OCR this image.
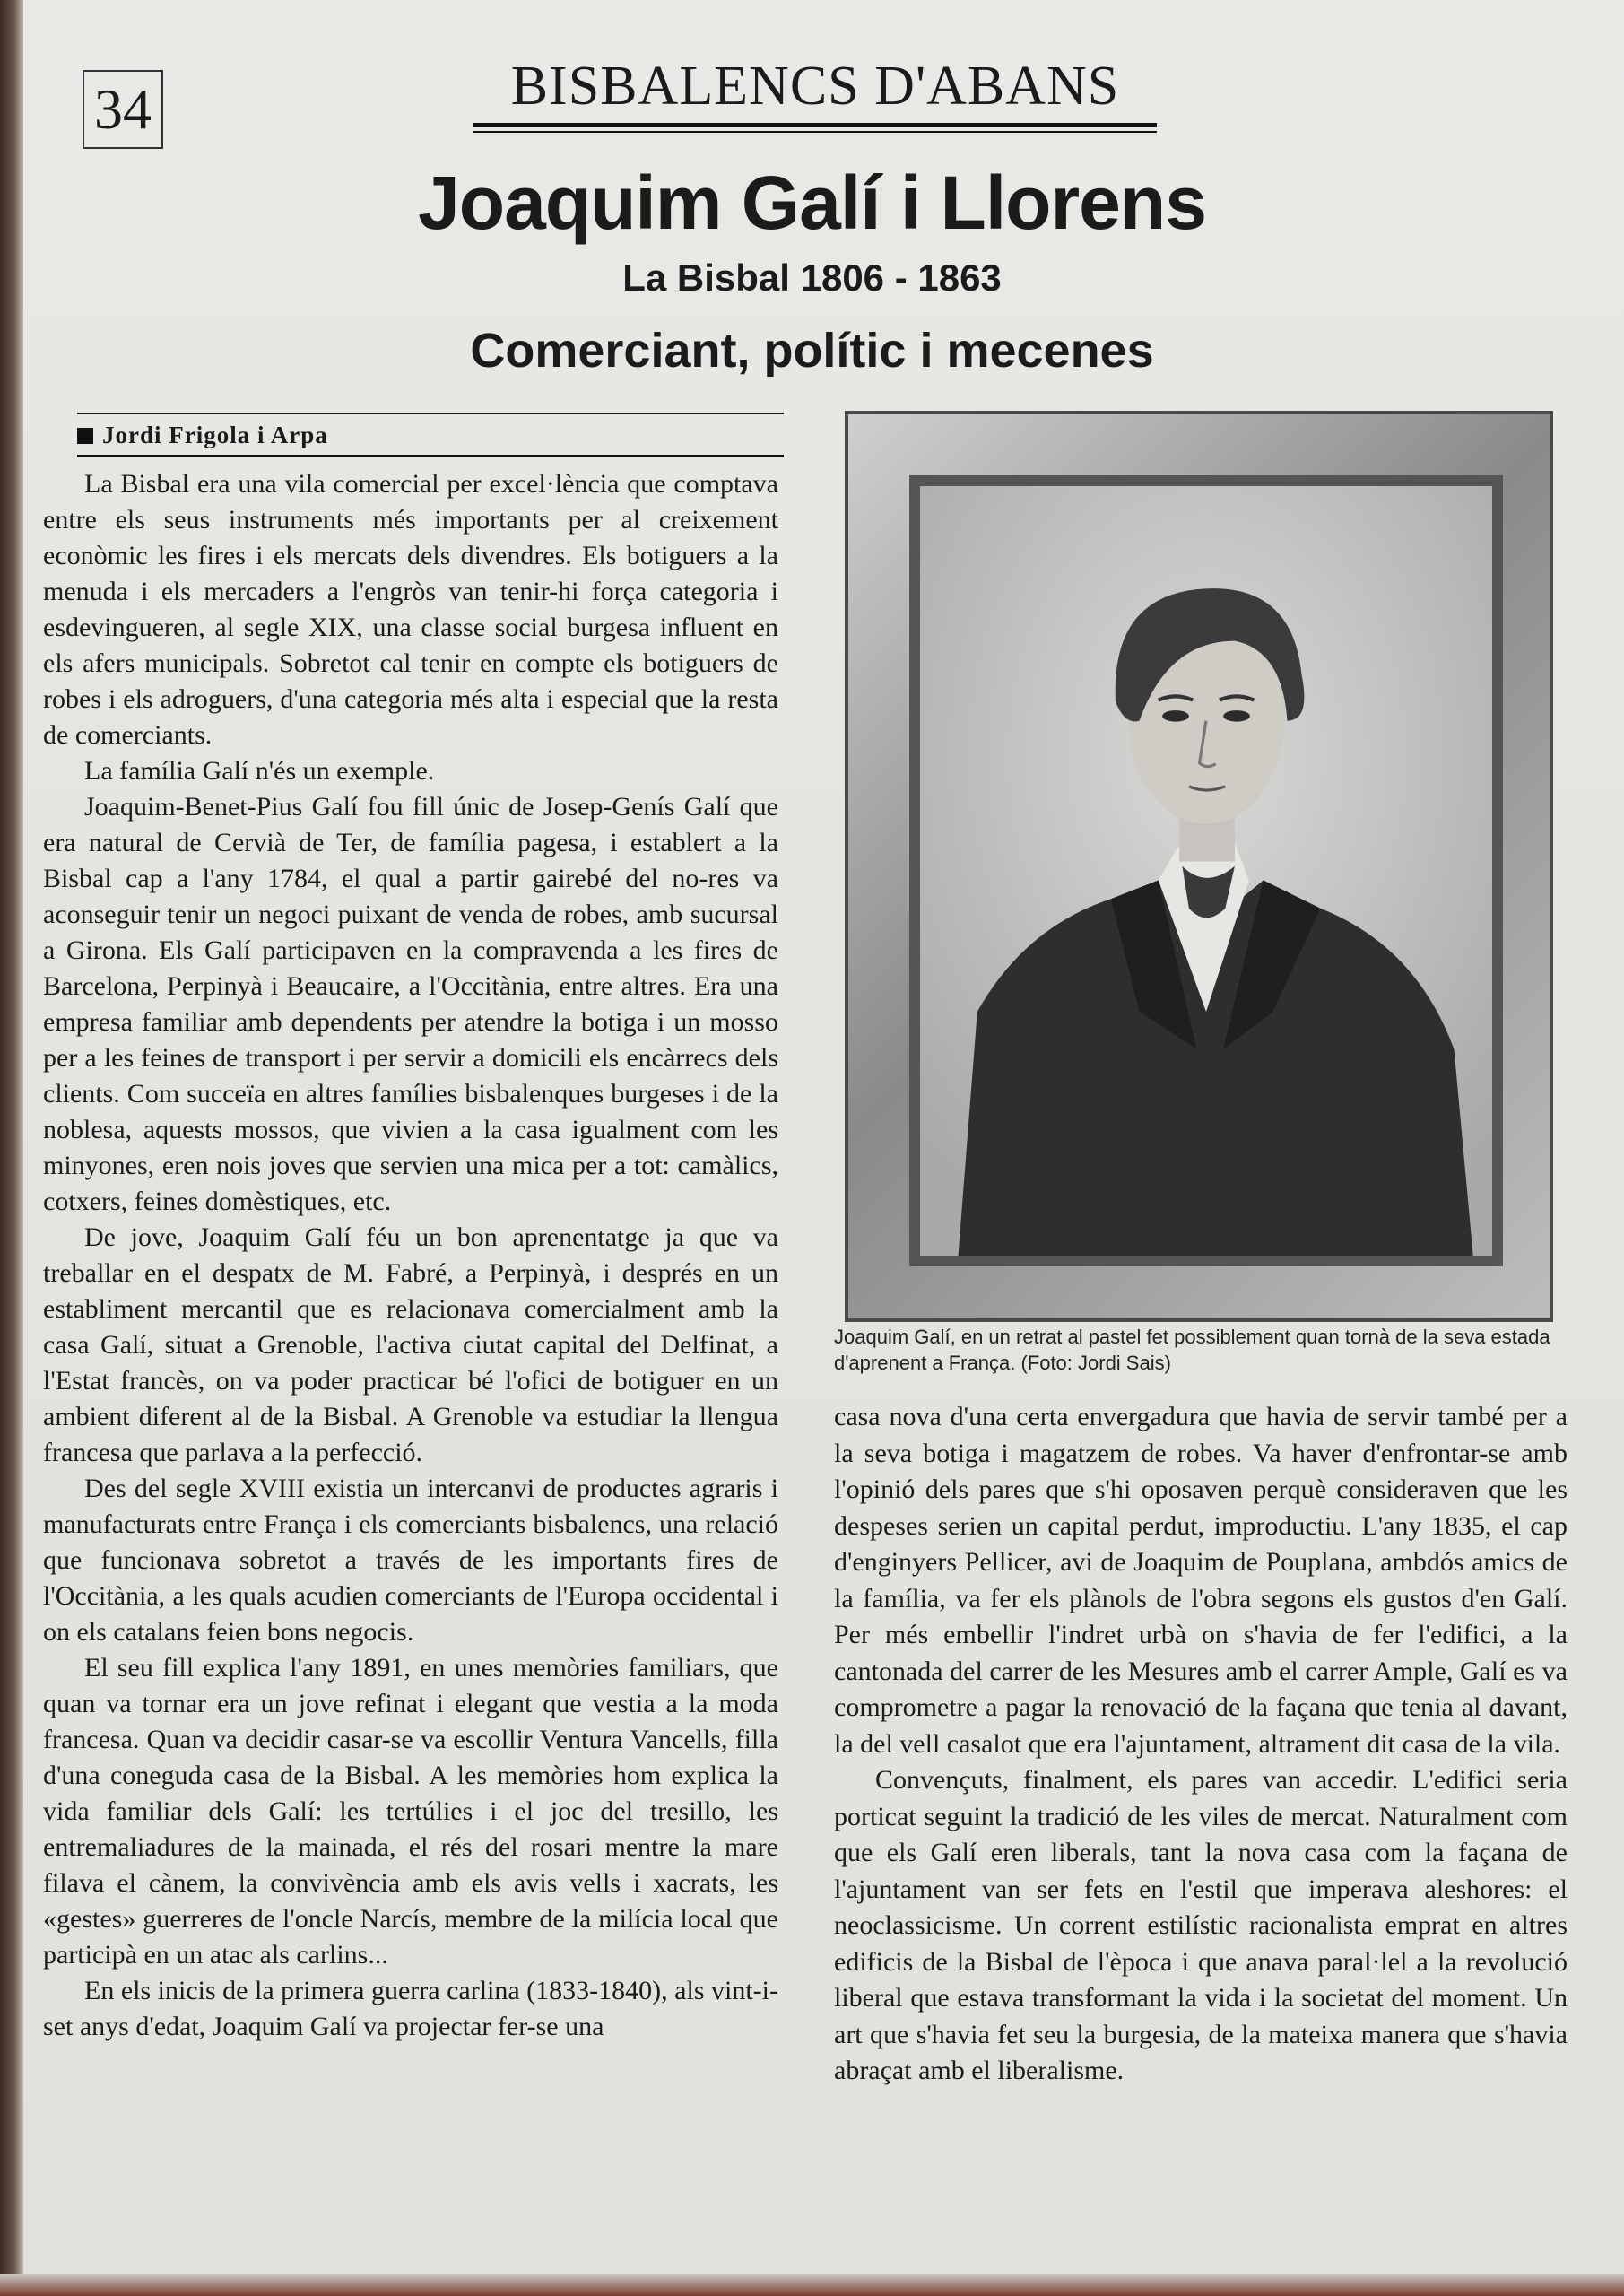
34	BISBALENCS D'ABANS
Joaquim Galí i Llorens
La Bisbal 1806 - 1863
Comerciant, polític i mecenes
Jordi Frigola i Arpa

La Bisbal era una vila comercial per excel·lència que comptava entre els seus instruments més importants per al creixement econòmic les fires i els mercats dels divendres. Els botiguers a la menuda i els mercaders a l'engròs van tenir-hi força categoria i esdevingueren, al segle XIX, una classe social burgesa influent en els afers municipals. Sobretot cal tenir en compte els botiguers de robes i els adroguers, d'una categoria més alta i especial que la resta de comerciants.

La família Galí n'és un exemple.

Joaquim-Benet-Pius Galí fou fill únic de Josep-Genís Galí que era natural de Cervià de Ter, de família pagesa, i establert a la Bisbal cap a l'any 1784, el qual a partir gairebé del no-res va aconseguir tenir un negoci puixant de venda de robes, amb sucursal a Girona. Els Galí participaven en la compravenda a les fires de Barcelona, Perpinyà i Beaucaire, a l'Occitània, entre altres. Era una empresa familiar amb dependents per atendre la botiga i un mosso per a les feines de transport i per servir a domicili els encàrrecs dels clients. Com succeïa en altres famílies bisbalenques burgeses i de la noblesa, aquests mossos, que vivien a la casa igualment com les minyones, eren nois joves que servien una mica per a tot: camàlics, cotxers, feines domèstiques, etc.

De jove, Joaquim Galí féu un bon aprenentatge ja que va treballar en el despatx de M. Fabré, a Perpinyà, i després en un establiment mercantil que es relacionava comercialment amb la casa Galí, situat a Grenoble, l'activa ciutat capital del Delfinat, a l'Estat francès, on va poder practicar bé l'ofici de botiguer en un ambient diferent al de la Bisbal. A Grenoble va estudiar la llengua francesa que parlava a la perfecció.

Des del segle XVIII existia un intercanvi de productes agraris i manufacturats entre França i els comerciants bisbalencs, una relació que funcionava sobretot a través de les importants fires de l'Occitània, a les quals acudien comerciants de l'Europa occidental i on els catalans feien bons negocis.

El seu fill explica l'any 1891, en unes memòries familiars, que quan va tornar era un jove refinat i elegant que vestia a la moda francesa. Quan va decidir casar-se va escollir Ventura Vancells, filla d'una coneguda casa de la Bisbal. A les memòries hom explica la vida familiar dels Galí: les tertúlies i el joc del tresillo, les entremaliadures de la mainada, el rés del rosari mentre la mare filava el cànem, la convivència amb els avis vells i xacrats, les «gestes» guerreres de l'oncle Narcís, membre de la milícia local que participà en un atac als carlins...

En els inicis de la primera guerra carlina (1833-1840), als vint-i-set anys d'edat, Joaquim Galí va projectar fer-se una

Joaquim Galí, en un retrat al pastel fet possiblement quan tornà de la seva estada d'aprenent a França. (Foto: Jordi Sais)

casa nova d'una certa envergadura que havia de servir també per a la seva botiga i magatzem de robes. Va haver d'enfrontar-se amb l'opinió dels pares que s'hi oposaven perquè consideraven que les despeses serien un capital perdut, improductiu. L'any 1835, el cap d'enginyers Pellicer, avi de Joaquim de Pouplana, ambdós amics de la família, va fer els plànols de l'obra segons els gustos d'en Galí. Per més embellir l'indret urbà on s'havia de fer l'edifici, a la cantonada del carrer de les Mesures amb el carrer Ample, Galí es va comprometre a pagar la renovació de la façana que tenia al davant, la del vell casalot que era l'ajuntament, altrament dit casa de la vila.

Convençuts, finalment, els pares van accedir. L'edifici seria porticat seguint la tradició de les viles de mercat. Naturalment com que els Galí eren liberals, tant la nova casa com la façana de l'ajuntament van ser fets en l'estil que imperava aleshores: el neoclassicisme. Un corrent estilístic racionalista emprat en altres edificis de la Bisbal de l'època i que anava paral·lel a la revolució liberal que estava transformant la vida i la societat del moment. Un art que s'havia fet seu la burgesia, de la mateixa manera que s'havia abraçat amb el liberalisme.
